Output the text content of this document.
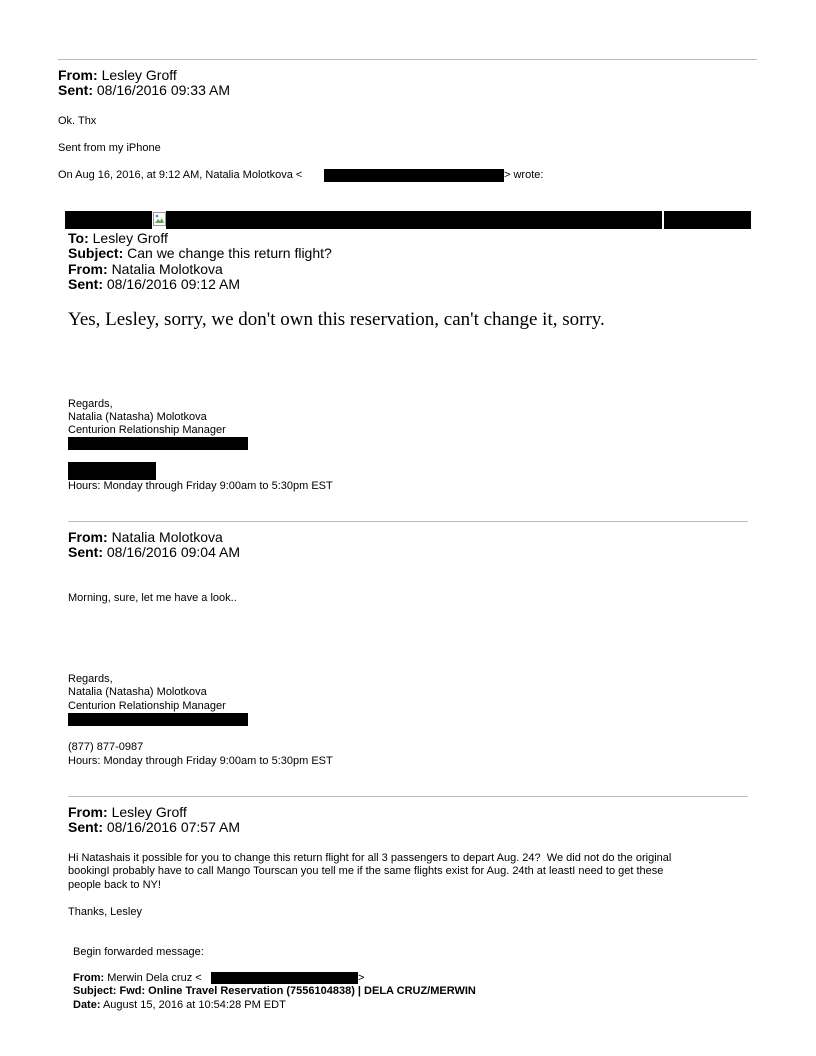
From: Lesley Groff
Sent: 08/16/2016 09:33 AM
Ok. Thx
Sent from my iPhone
On Aug 16, 2016, at 9:12 AM, Natalia Molotkova <	> wrote:
To: Lesley Groff
Subject: Can we change this return flight?
From: Natalia Molotkova
Sent: 08/16/2016 09:12 AM
Yes, Lesley, sorry, we don't own this reservation, can't change it, sorry.
Regards,
Natalia (Natasha) Molotkova
Centurion Relationship Manager
Hours: Monday through Friday 9:00am to 5:30pm EST
From: Natalia Molotkova
Sent: 08/16/2016 09:04 AM
Morning, sure, let me have a look..
Regards,
Natalia (Natasha) Molotkova
Centurion Relationship Manager
(877) 877-0987
Hours: Monday through Friday 9:00am to 5:30pm EST
From: Lesley Groff
Sent: 08/16/2016 07:57 AM
Hi Natashais it possible for you to change this return flight for all 3 passengers to depart Aug. 24?  We did not do the original
bookingI probably have to call Mango Tourscan you tell me if the same flights exist for Aug. 24th at leastI need to get these
people back to NY!
Thanks, Lesley
Begin forwarded message:
From: Merwin Dela cruz <	>
Subject: Fwd: Online Travel Reservation (7556104838) | DELA CRUZ/MERWIN
Date: August 15, 2016 at 10:54:28 PM EDT
